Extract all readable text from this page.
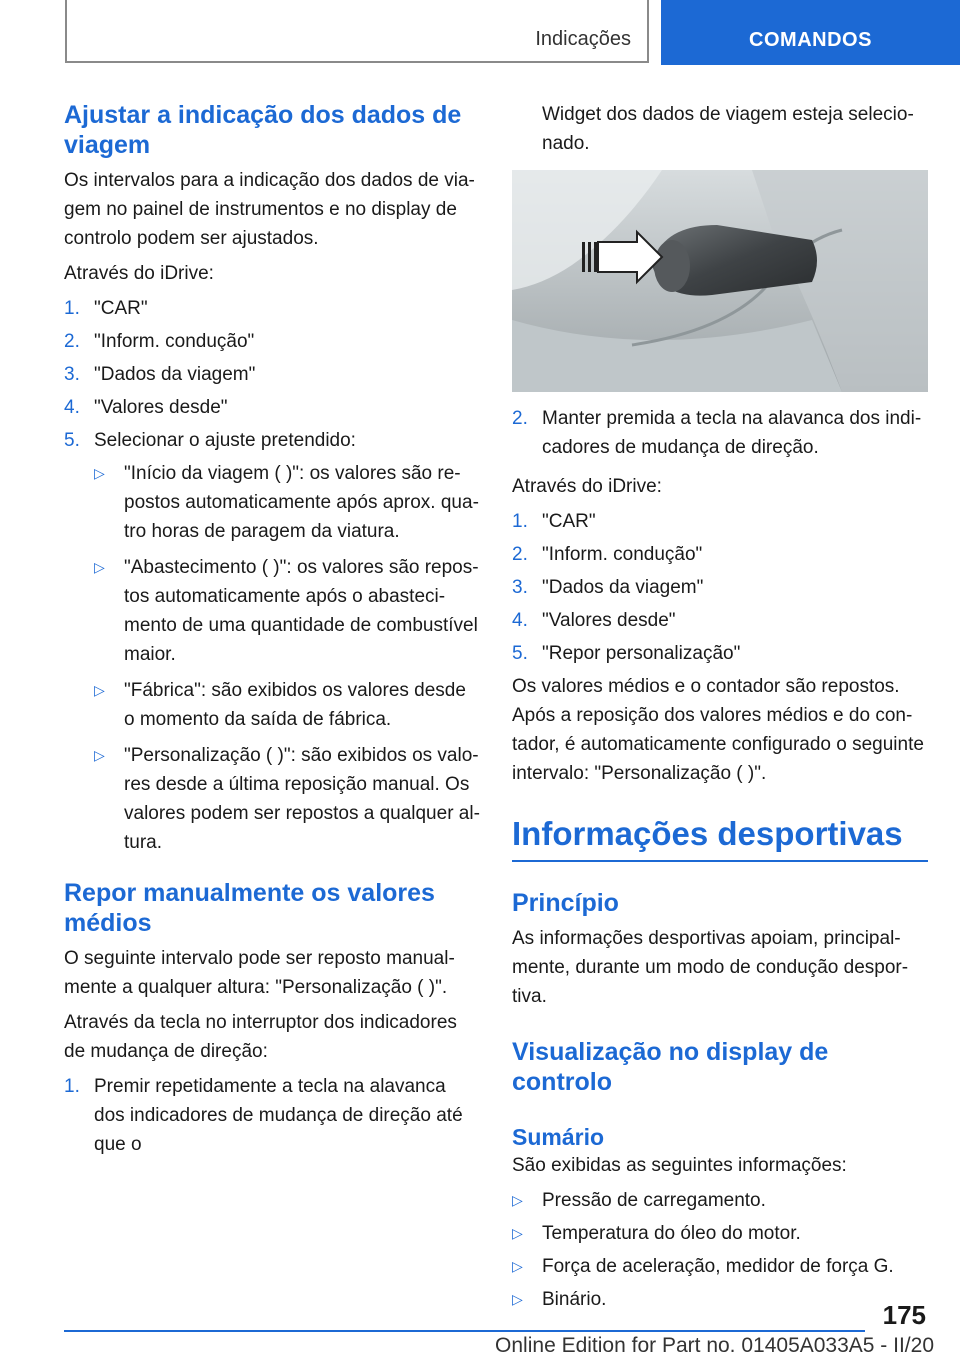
Indicações	COMANDOS
Ajustar a indicação dos dados de viagem

Os intervalos para a indicação dos dados de viagem no painel de instrumentos e no display de controlo podem ser ajustados.

Através do iDrive:

1. "CAR"
2. "Inform. condução"
3. "Dados da viagem"
4. "Valores desde"
5. Selecionar o ajuste pretendido:
▷ "Início da viagem ( )": os valores são repostos automaticamente após aprox. quatro horas de paragem da viatura.
▷ "Abastecimento ( )": os valores são repostos automaticamente após o abastecimento de uma quantidade de combustível maior.
▷ "Fábrica": são exibidos os valores desde o momento da saída de fábrica.
▷ "Personalização ( )": são exibidos os valores desde a última reposição manual. Os valores podem ser repostos a qualquer altura.
Repor manualmente os valores médios

O seguinte intervalo pode ser reposto manualmente a qualquer altura: "Personalização ( )".

Através da tecla no interruptor dos indicadores de mudança de direção:

1. Premir repetidamente a tecla na alavanca dos indicadores de mudança de direção até que o
Widget dos dados de viagem esteja selecionado.
2. Manter premida a tecla na alavanca dos indicadores de mudança de direção.

Através do iDrive:

1. "CAR"
2. "Inform. condução"
3. "Dados da viagem"
4. "Valores desde"
5. "Repor personalização"

Os valores médios e o contador são repostos. Após a reposição dos valores médios e do contador, é automaticamente configurado o seguinte intervalo: "Personalização ( )".

Informações desportivas
Princípio

As informações desportivas apoiam, principalmente, durante um modo de condução desportiva.

Visualização no display de controlo
Sumário

São exibidas as seguintes informações:

▷ Pressão de carregamento.
▷ Temperatura do óleo do motor.
▷ Força de aceleração, medidor de força G.
▷ Binário.
175
Online Edition for Part no. 01405A033A5 - II/20
